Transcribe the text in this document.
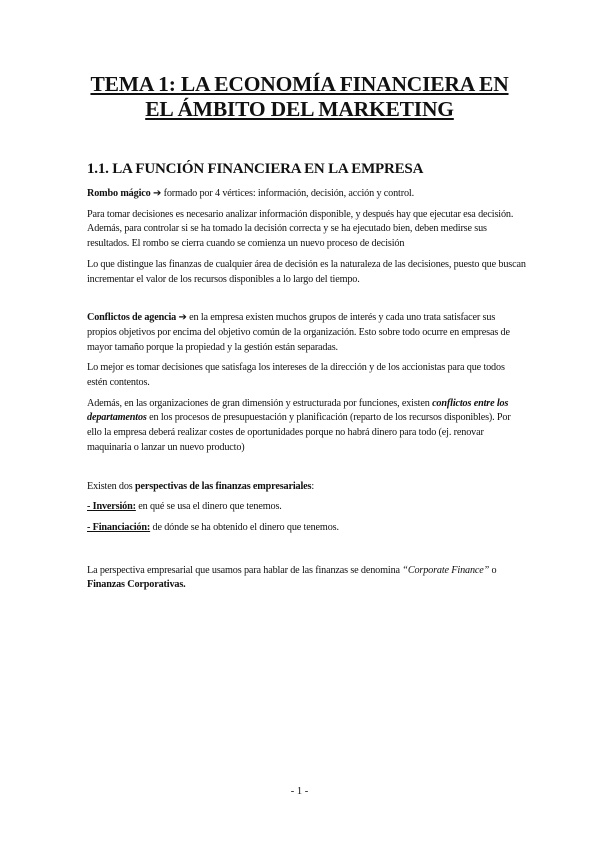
TEMA 1: LA ECONOMÍA FINANCIERA EN
EL ÁMBITO DEL MARKETING
1.1. LA FUNCIÓN FINANCIERA EN LA EMPRESA

Rombo mágico ➔ formado por 4 vértices: información, decisión, acción y control.

Para tomar decisiones es necesario analizar información disponible, y después hay que ejecutar esa decisión. Además, para controlar si se ha tomado la decisión correcta y se ha ejecutado bien, deben medirse sus resultados. El rombo se cierra cuando se comienza un nuevo proceso de decisión

Lo que distingue las finanzas de cualquier área de decisión es la naturaleza de las decisiones, puesto que buscan incrementar el valor de los recursos disponibles a lo largo del tiempo.

Conflictos de agencia ➔ en la empresa existen muchos grupos de interés y cada uno trata satisfacer sus propios objetivos por encima del objetivo común de la organización. Esto sobre todo ocurre en empresas de mayor tamaño porque la propiedad y la gestión están separadas.

Lo mejor es tomar decisiones que satisfaga los intereses de la dirección y de los accionistas para que todos estén contentos.

Además, en las organizaciones de gran dimensión y estructurada por funciones, existen conflictos entre los departamentos en los procesos de presupuestación y planificación (reparto de los recursos disponibles). Por ello la empresa deberá realizar costes de oportunidades porque no habrá dinero para todo (ej. renovar maquinaria o lanzar un nuevo producto)

Existen dos perspectivas de las finanzas empresariales:

- Inversión: en qué se usa el dinero que tenemos.

- Financiación: de dónde se ha obtenido el dinero que tenemos.

La perspectiva empresarial que usamos para hablar de las finanzas se denomina “Corporate Finance” o Finanzas Corporativas.

- 1 -
